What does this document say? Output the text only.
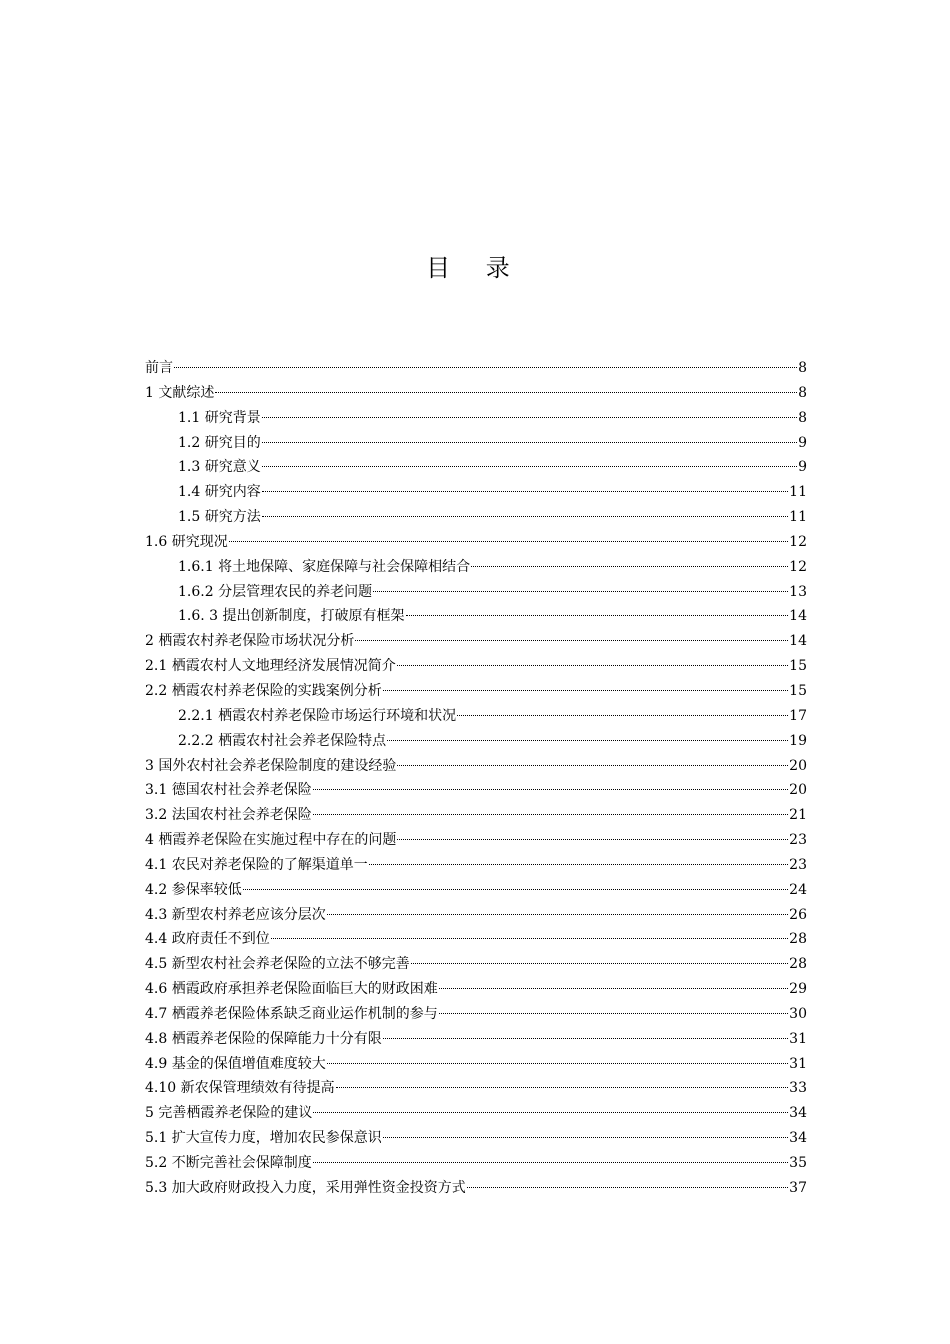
目 录
前言	8
1 文献综述	8
1.1 研究背景	8
1.2 研究目的	9
1.3 研究意义	9
1.4 研究内容	11
1.5 研究方法	11
1.6 研究现况	12
1.6.1 将土地保障、家庭保障与社会保障相结合	12
1.6.2 分层管理农民的养老问题	13
1.6. 3 提出创新制度，打破原有框架	14
2 栖霞农村养老保险市场状况分析	14
2.1 栖霞农村人文地理经济发展情况简介	15
2.2 栖霞农村养老保险的实践案例分析	15
2.2.1 栖霞农村养老保险市场运行环境和状况	17
2.2.2 栖霞农村社会养老保险特点	19
3 国外农村社会养老保险制度的建设经验	20
3.1 德国农村社会养老保险	20
3.2 法国农村社会养老保险	21
4 栖霞养老保险在实施过程中存在的问题	23
4.1 农民对养老保险的了解渠道单一	23
4.2 参保率较低	24
4.3 新型农村养老应该分层次	26
4.4 政府责任不到位	28
4.5 新型农村社会养老保险的立法不够完善	28
4.6 栖霞政府承担养老保险面临巨大的财政困难	29
4.7 栖霞养老保险体系缺乏商业运作机制的参与	30
4.8 栖霞养老保险的保障能力十分有限	31
4.9 基金的保值增值难度较大	31
4.10 新农保管理绩效有待提高	33
5 完善栖霞养老保险的建议	34
5.1 扩大宣传力度，增加农民参保意识	34
5.2 不断完善社会保障制度	35
5.3 加大政府财政投入力度，采用弹性资金投资方式	37
